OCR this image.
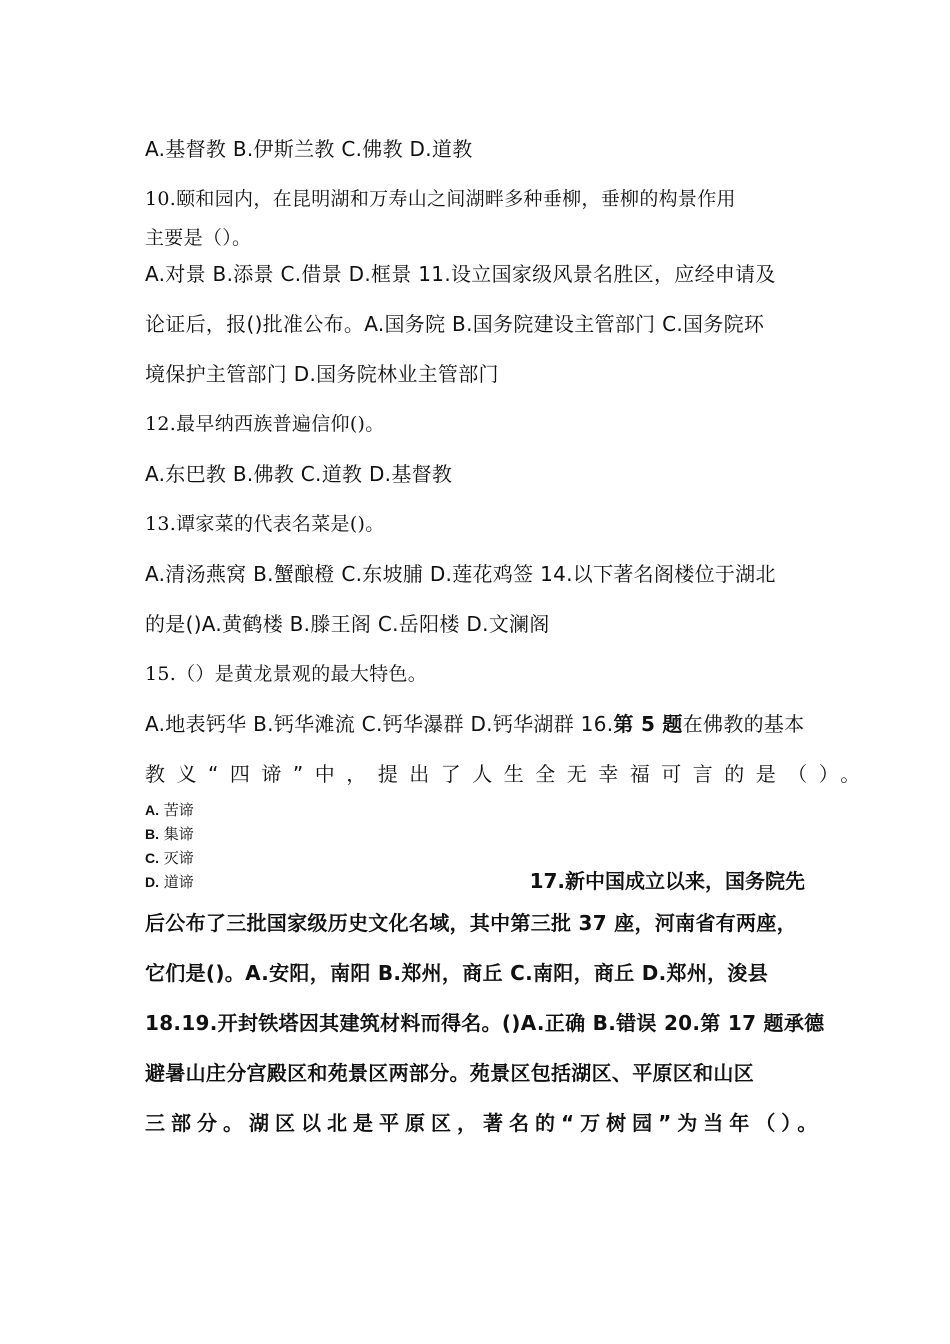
A.基督教 B.伊斯兰教 C.佛教 D.道教
10.颐和园内，在昆明湖和万寿山之间湖畔多种垂柳，垂柳的构景作用
主要是（）。
A.对景 B.添景 C.借景 D.框景 11.设立国家级风景名胜区，应经申请及
论证后，报()批准公布。A.国务院 B.国务院建设主管部门 C.国务院环
境保护主管部门 D.国务院林业主管部门
12.最早纳西族普遍信仰()。
A.东巴教 B.佛教 C.道教 D.基督教
13.谭家菜的代表名菜是()。
A.清汤燕窝 B.蟹酿橙 C.东坡脯 D.莲花鸡签 14.以下著名阁楼位于湖北
的是()A.黄鹤楼 B.滕王阁 C.岳阳楼 D.文澜阁
15.（）是黄龙景观的最大特色。
A.地表钙华 B.钙华滩流 C.钙华瀑群 D.钙华湖群 16.第 5 题在佛教的基本
教义“四谛”中，提出了人生全无幸福可言的是（）。
A. 苦谛
B. 集谛
C. 灭谛
D. 道谛	17.新中国成立以来，国务院先
后公布了三批国家级历史文化名域，其中第三批 37 座，河南省有两座，
它们是()。A.安阳，南阳 B.郑州，商丘 C.南阳，商丘 D.郑州，浚县
18.19.开封铁塔因其建筑材料而得名。()A.正确 B.错误 20.第 17 题承德
避暑山庄分宫殿区和苑景区两部分。苑景区包括湖区、平原区和山区
三部分。湖区以北是平原区，著名的“万树园”为当年（）。
